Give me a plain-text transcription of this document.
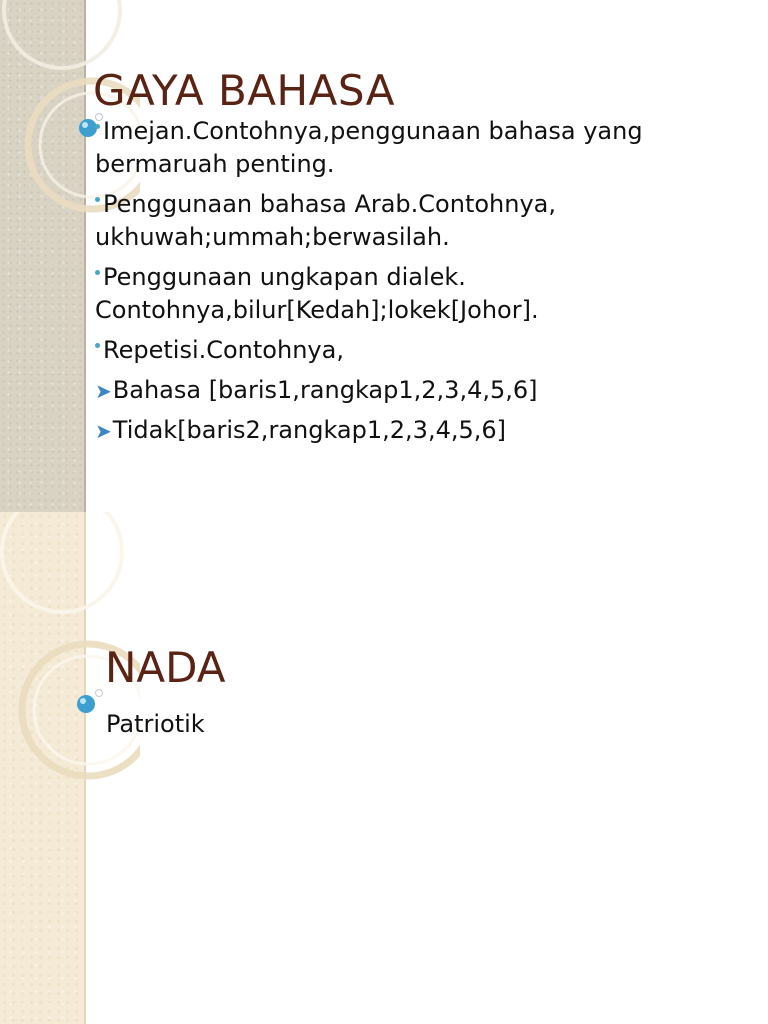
GAYA BAHASA
Imejan.Contohnya,penggunaan bahasa yang bermaruah penting.
Penggunaan bahasa Arab.Contohnya, ukhuwah;ummah;berwasilah.
Penggunaan ungkapan dialek. Contohnya,bilur[Kedah];lokek[Johor].
Repetisi.Contohnya,
➤Bahasa [baris1,rangkap1,2,3,4,5,6]
➤Tidak[baris2,rangkap1,2,3,4,5,6]
NADA
Patriotik
